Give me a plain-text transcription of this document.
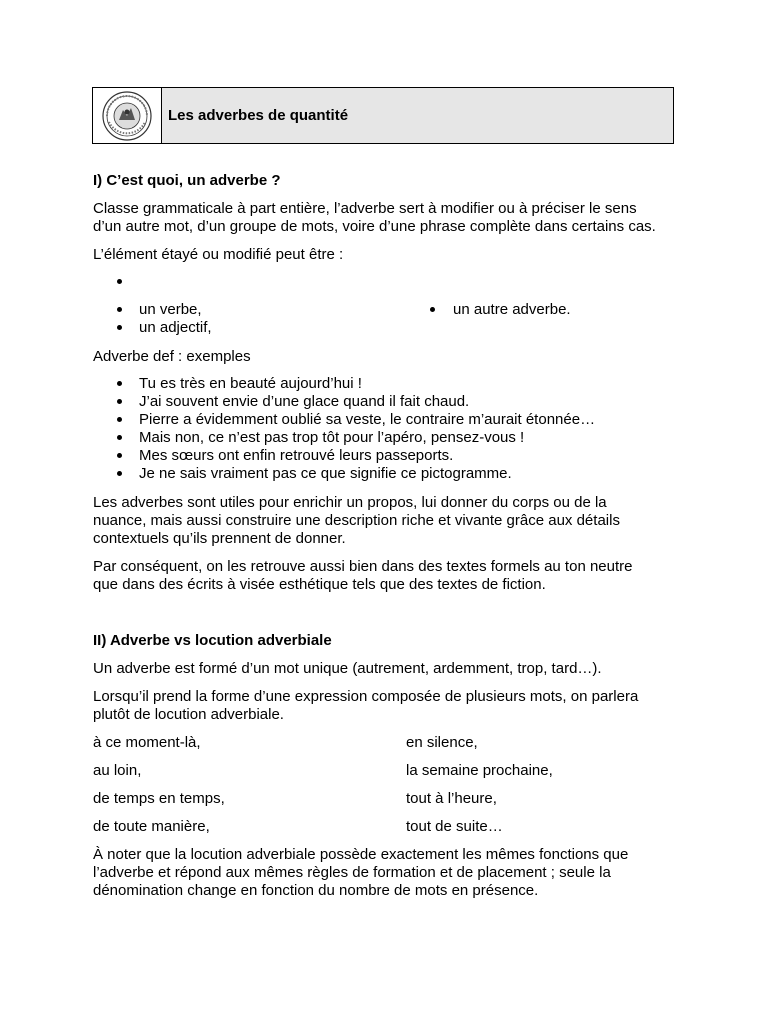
Les adverbes de quantité
I) C’est quoi, un adverbe ?
Classe grammaticale à part entière, l’adverbe sert à modifier ou à préciser le sens
d’un autre mot, d’un groupe de mots, voire d’une phrase complète dans certains cas.
L’élément étayé ou modifié peut être :
un verbe,
un adjectif,
un autre adverbe.
Adverbe def : exemples
Tu es très en beauté aujourd’hui !
J’ai souvent envie d’une glace quand il fait chaud.
Pierre a évidemment oublié sa veste, le contraire m’aurait étonnée…
Mais non, ce n’est pas trop tôt pour l’apéro, pensez-vous !
Mes sœurs ont enfin retrouvé leurs passeports.
Je ne sais vraiment pas ce que signifie ce pictogramme.
Les adverbes sont utiles pour enrichir un propos, lui donner du corps ou de la
nuance, mais aussi construire une description riche et vivante grâce aux détails
contextuels qu’ils prennent de donner.
Par conséquent, on les retrouve aussi bien dans des textes formels au ton neutre
que dans des écrits à visée esthétique tels que des textes de fiction.
II) Adverbe vs locution adverbiale
Un adverbe est formé d’un mot unique (autrement, ardemment, trop, tard…).
Lorsqu’il prend la forme d’une expression composée de plusieurs mots, on parlera
plutôt de locution adverbiale.
à ce moment-là,	en silence,
au loin,	la semaine prochaine,
de temps en temps,	tout à l’heure,
de toute manière,	tout de suite…
À noter que la locution adverbiale possède exactement les mêmes fonctions que
l’adverbe et répond aux mêmes règles de formation et de placement ; seule la
dénomination change en fonction du nombre de mots en présence.
